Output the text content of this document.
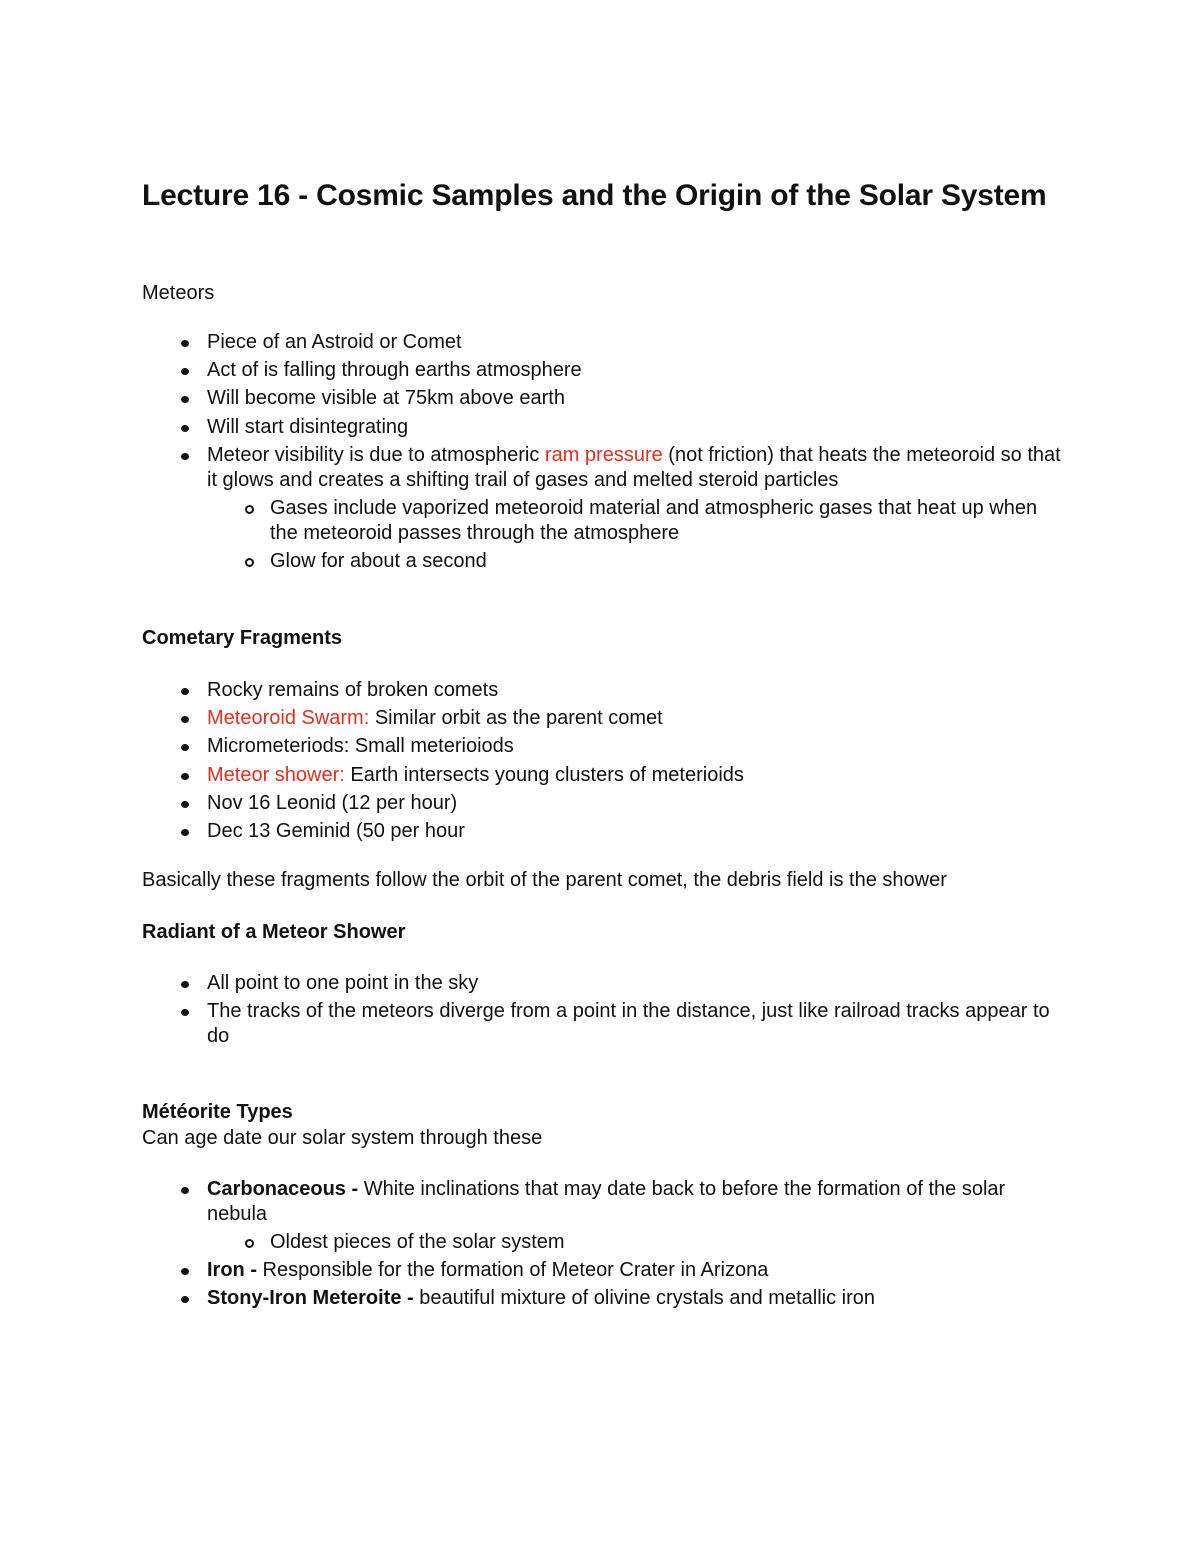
Lecture 16 - Cosmic Samples and the Origin of the Solar System

Meteors

Piece of an Astroid or Comet
Act of is falling through earths atmosphere
Will become visible at 75km above earth
Will start disintegrating
Meteor visibility is due to atmospheric ram pressure (not friction) that heats the meteoroid so that it glows and creates a shifting trail of gases and melted steroid particles
Gases include vaporized meteoroid material and atmospheric gases that heat up when the meteoroid passes through the atmosphere
Glow for about a second
Cometary Fragments
Rocky remains of broken comets
Meteoroid Swarm: Similar orbit as the parent comet
Micrometeriods: Small meterioiods
Meteor shower: Earth intersects young clusters of meterioids
Nov 16 Leonid (12 per hour)
Dec 13 Geminid (50 per hour

Basically these fragments follow the orbit of the parent comet, the debris field is the shower

Radiant of a Meteor Shower
All point to one point in the sky
The tracks of the meteors diverge from a point in the distance, just like railroad tracks appear to do
Météorite Types

Can age date our solar system through these

Carbonaceous - White inclinations that may date back to before the formation of the solar nebula
Oldest pieces of the solar system
Iron - Responsible for the formation of Meteor Crater in Arizona
Stony-Iron Meteroite - beautiful mixture of olivine crystals and metallic iron
